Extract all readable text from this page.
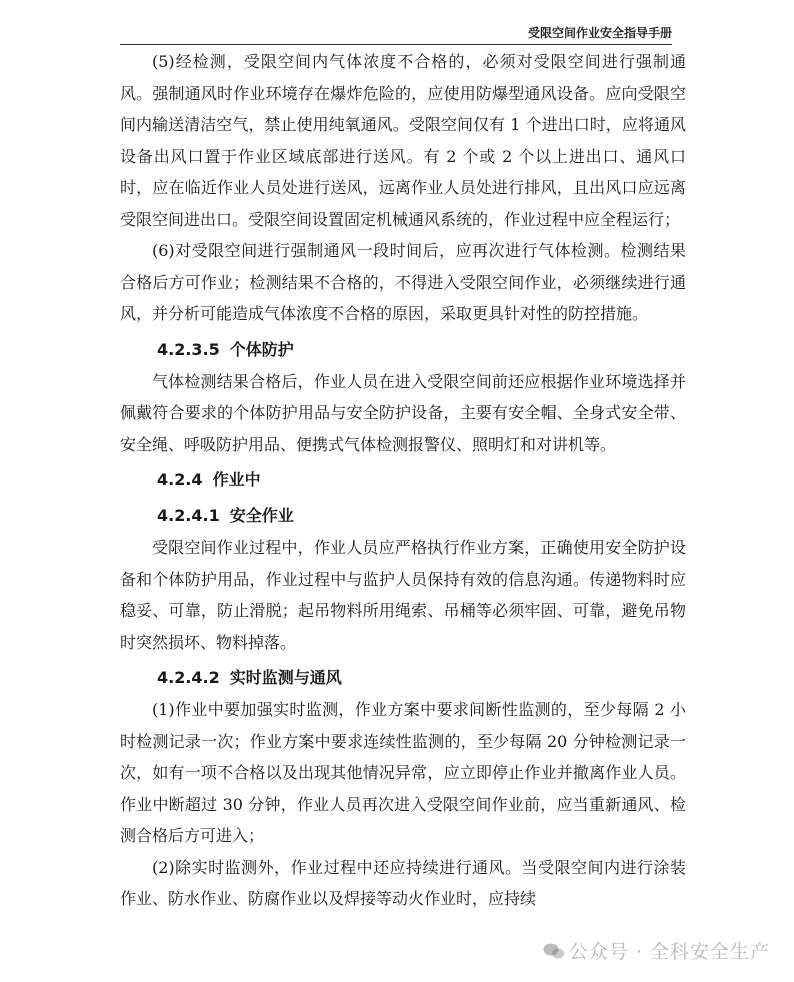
受限空间作业安全指导手册

(5)经检测，受限空间内气体浓度不合格的，必须对受限空间进行强制通风。强制通风时作业环境存在爆炸危险的，应使用防爆型通风设备。应向受限空间内输送清洁空气，禁止使用纯氧通风。受限空间仅有 1 个进出口时，应将通风设备出风口置于作业区域底部进行送风。有 2 个或 2 个以上进出口、通风口时，应在临近作业人员处进行送风，远离作业人员处进行排风，且出风口应远离受限空间进出口。受限空间设置固定机械通风系统的，作业过程中应全程运行；

(6)对受限空间进行强制通风一段时间后，应再次进行气体检测。检测结果合格后方可作业；检测结果不合格的，不得进入受限空间作业，必须继续进行通风，并分析可能造成气体浓度不合格的原因，采取更具针对性的防控措施。

4.2.3.5 个体防护

气体检测结果合格后，作业人员在进入受限空间前还应根据作业环境选择并佩戴符合要求的个体防护用品与安全防护设备，主要有安全帽、全身式安全带、安全绳、呼吸防护用品、便携式气体检测报警仪、照明灯和对讲机等。

4.2.4 作业中
4.2.4.1 安全作业

受限空间作业过程中，作业人员应严格执行作业方案，正确使用安全防护设备和个体防护用品，作业过程中与监护人员保持有效的信息沟通。传递物料时应稳妥、可靠，防止滑脱；起吊物料所用绳索、吊桶等必须牢固、可靠，避免吊物时突然损坏、物料掉落。

4.2.4.2 实时监测与通风

(1)作业中要加强实时监测，作业方案中要求间断性监测的，至少每隔 2 小时检测记录一次；作业方案中要求连续性监测的，至少每隔 20 分钟检测记录一次，如有一项不合格以及出现其他情况异常，应立即停止作业并撤离作业人员。作业中断超过 30 分钟，作业人员再次进入受限空间作业前，应当重新通风、检测合格后方可进入；

(2)除实时监测外，作业过程中还应持续进行通风。当受限空间内进行涂装作业、防水作业、防腐作业以及焊接等动火作业时，应持续

公众号 · 全科安全生产
